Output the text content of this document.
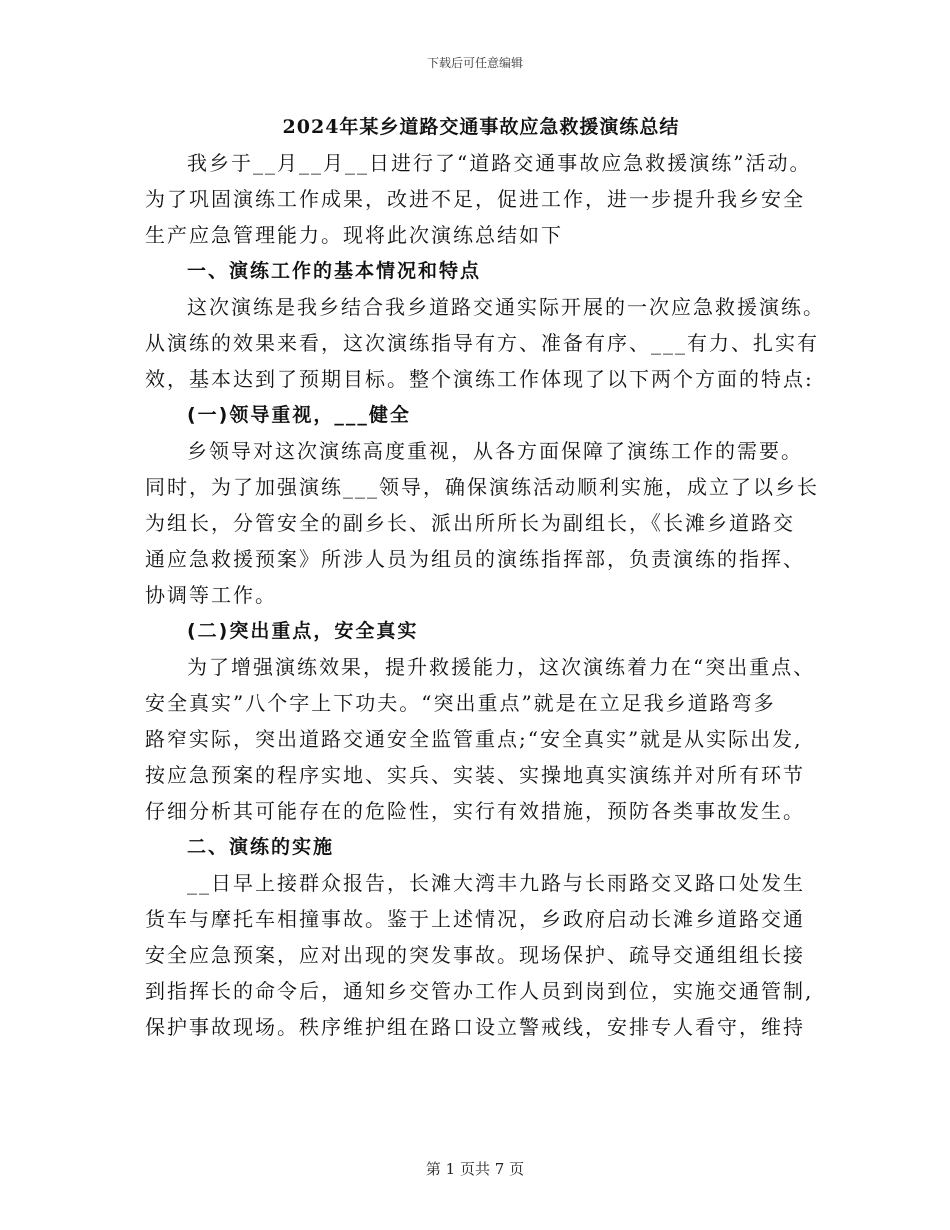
下载后可任意编辑
2024年某乡道路交通事故应急救援演练总结
我乡于__月__月__日进行了“道路交通事故应急救援演练”活动。
为了巩固演练工作成果，改进不足，促进工作，进一步提升我乡安全
生产应急管理能力。现将此次演练总结如下
一、演练工作的基本情况和特点
这次演练是我乡结合我乡道路交通实际开展的一次应急救援演练。
从演练的效果来看，这次演练指导有方、准备有序、___有力、扎实有
效，基本达到了预期目标。整个演练工作体现了以下两个方面的特点:
(一)领导重视，___健全
乡领导对这次演练高度重视，从各方面保障了演练工作的需要。
同时，为了加强演练___领导，确保演练活动顺利实施，成立了以乡长
为组长，分管安全的副乡长、派出所所长为副组长，《长滩乡道路交
通应急救援预案》所涉人员为组员的演练指挥部，负责演练的指挥、
协调等工作。
(二)突出重点，安全真实
为了增强演练效果，提升救援能力，这次演练着力在“突出重点、
安全真实”八个字上下功夫。“突出重点”就是在立足我乡道路弯多
路窄实际，突出道路交通安全监管重点;“安全真实”就是从实际出发,
按应急预案的程序实地、实兵、实装、实操地真实演练并对所有环节
仔细分析其可能存在的危险性，实行有效措施，预防各类事故发生。
二、演练的实施
__日早上接群众报告，长滩大湾丰九路与长雨路交叉路口处发生
货车与摩托车相撞事故。鉴于上述情况，乡政府启动长滩乡道路交通
安全应急预案，应对出现的突发事故。现场保护、疏导交通组组长接
到指挥长的命令后，通知乡交管办工作人员到岗到位，实施交通管制,
保护事故现场。秩序维护组在路口设立警戒线，安排专人看守，维持
第 1 页共 7 页
